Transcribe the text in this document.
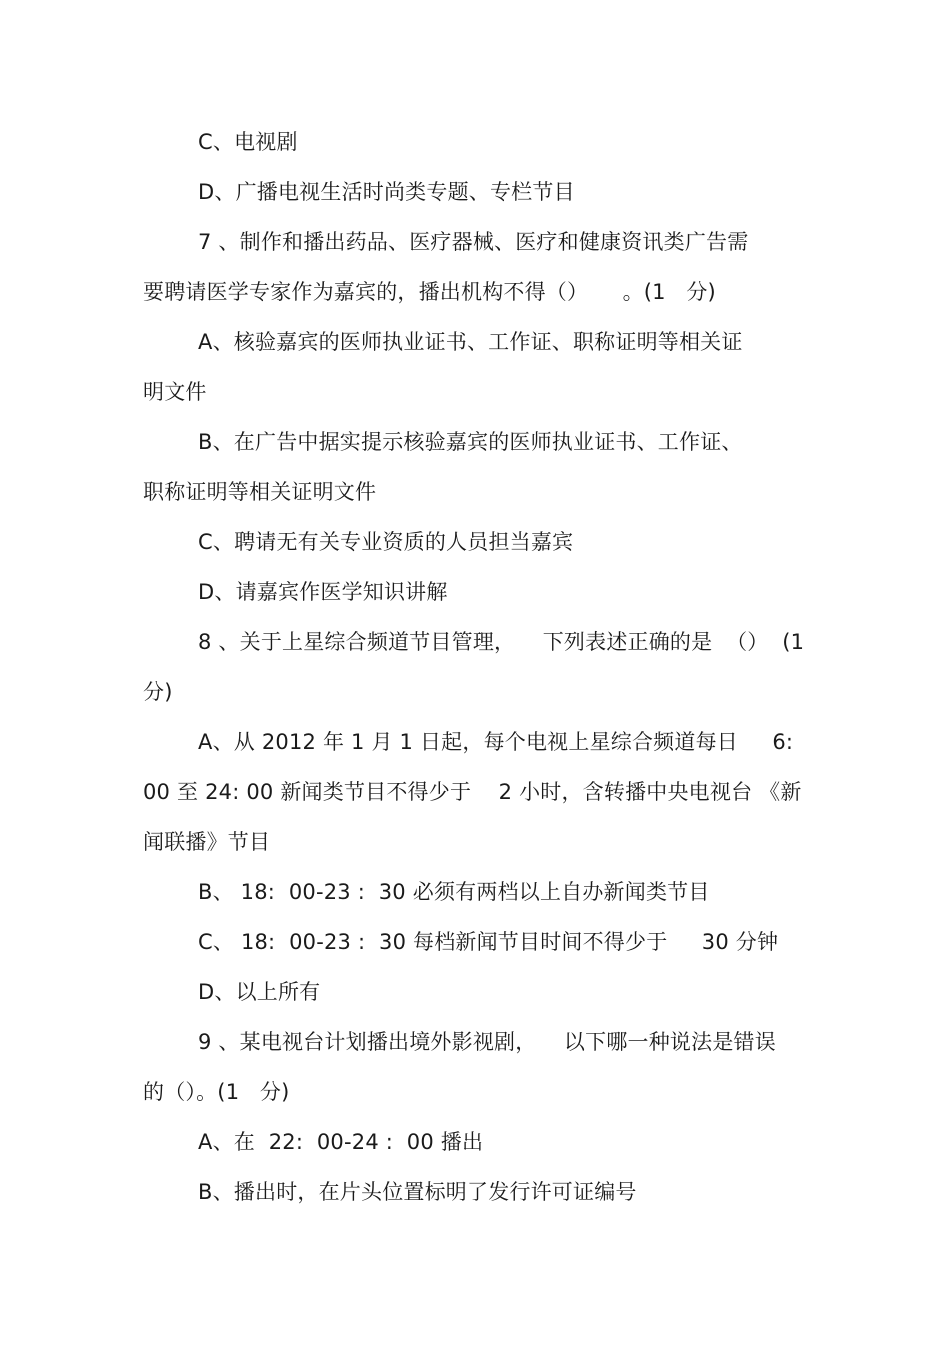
C、电视剧
D、广播电视生活时尚类专题、专栏节目
7 、制作和播出药品、医疗器械、医疗和健康资讯类广告需
要聘请医学专家作为嘉宾的，播出机构不得（）     。(1   分)
A、核验嘉宾的医师执业证书、工作证、职称证明等相关证
明文件
B、在广告中据实提示核验嘉宾的医师执业证书、工作证、
职称证明等相关证明文件
C、聘请无有关专业资质的人员担当嘉宾
D、请嘉宾作医学知识讲解
8 、关于上星综合频道节目管理，    下列表述正确的是  （）  (1
分)
A、从 2012 年 1 月 1 日起，每个电视上星综合频道每日     6:
00 至 24: 00 新闻类节目不得少于    2 小时，含转播中央电视台 《新
闻联播》节目
B、 18:  00-23 :  30 必须有两档以上自办新闻类节目
C、 18:  00-23 :  30 每档新闻节目时间不得少于     30 分钟
D、以上所有
9 、某电视台计划播出境外影视剧，    以下哪一种说法是错误
的（）。(1   分)
A、在  22:  00-24 :  00 播出
B、播出时，在片头位置标明了发行许可证编号
